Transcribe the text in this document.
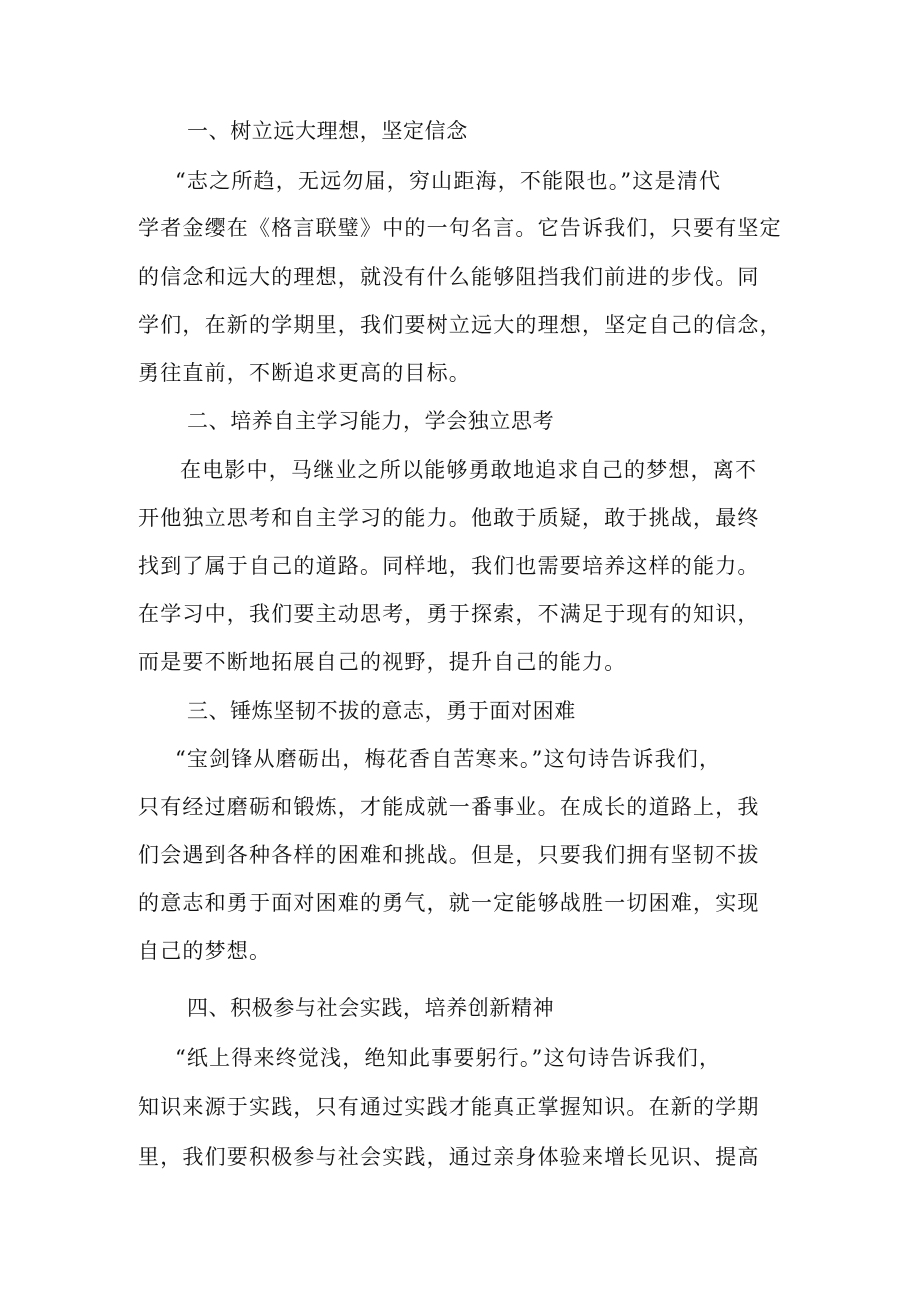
一、树立远大理想，坚定信念
“志之所趋，无远勿届，穷山距海，不能限也。”这是清代
学者金缨在《格言联璧》中的一句名言。它告诉我们，只要有坚定
的信念和远大的理想，就没有什么能够阻挡我们前进的步伐。同
学们，在新的学期里，我们要树立远大的理想，坚定自己的信念，
勇往直前，不断追求更高的目标。
二、培养自主学习能力，学会独立思考
在电影中，马继业之所以能够勇敢地追求自己的梦想，离不
开他独立思考和自主学习的能力。他敢于质疑，敢于挑战，最终
找到了属于自己的道路。同样地，我们也需要培养这样的能力。
在学习中，我们要主动思考，勇于探索，不满足于现有的知识，
而是要不断地拓展自己的视野，提升自己的能力。
三、锤炼坚韧不拔的意志，勇于面对困难
“宝剑锋从磨砺出，梅花香自苦寒来。”这句诗告诉我们，
只有经过磨砺和锻炼，才能成就一番事业。在成长的道路上，我
们会遇到各种各样的困难和挑战。但是，只要我们拥有坚韧不拔
的意志和勇于面对困难的勇气，就一定能够战胜一切困难，实现
自己的梦想。
四、积极参与社会实践，培养创新精神
“纸上得来终觉浅，绝知此事要躬行。”这句诗告诉我们，
知识来源于实践，只有通过实践才能真正掌握知识。在新的学期
里，我们要积极参与社会实践，通过亲身体验来增长见识、提高
